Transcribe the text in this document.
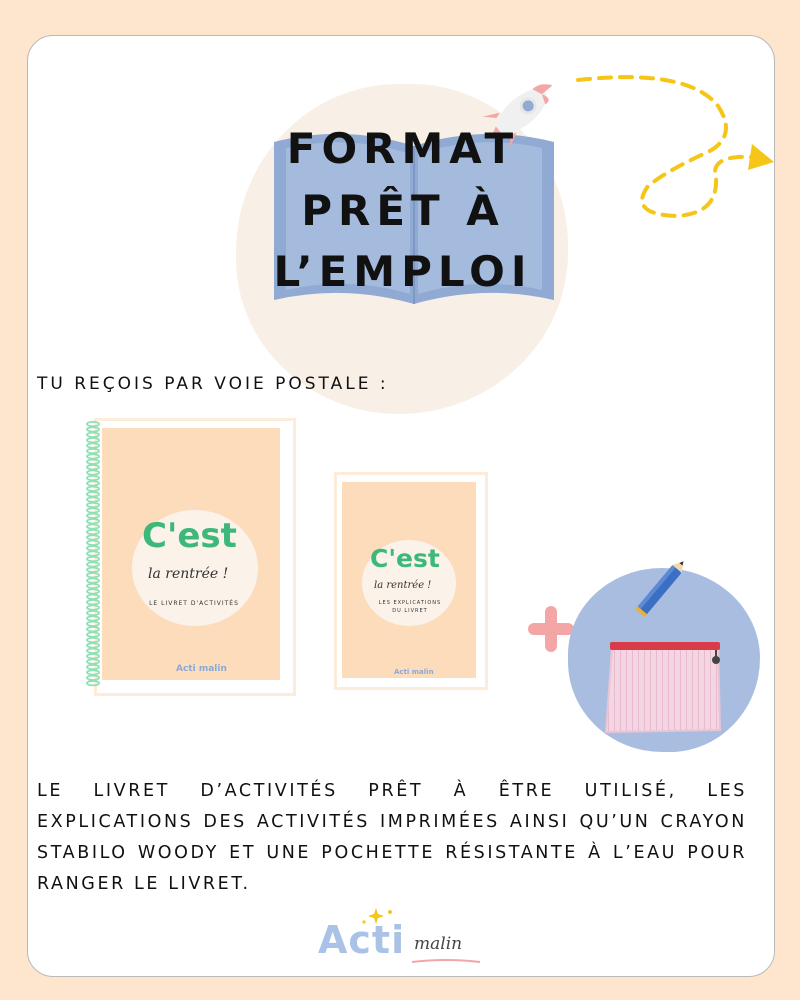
FORMAT
PRÊT À
L’EMPLOI
TU REÇOIS PAR VOIE POSTALE :
C'est
la rentrée !
LE LIVRET D'ACTIVITÉS
Acti malin
C'est
la rentrée !
LES EXPLICATIONS
DU LIVRET
Acti malin
LE LIVRET D’ACTIVITÉS PRÊT À ÊTRE UTILISÉ, LES EXPLICATIONS DES ACTIVITÉS IMPRIMÉES AINSI QU’UN CRAYON STABILO WOODY ET UNE POCHETTE RÉSISTANTE À L’EAU POUR RANGER LE LIVRET.
Acti malin
